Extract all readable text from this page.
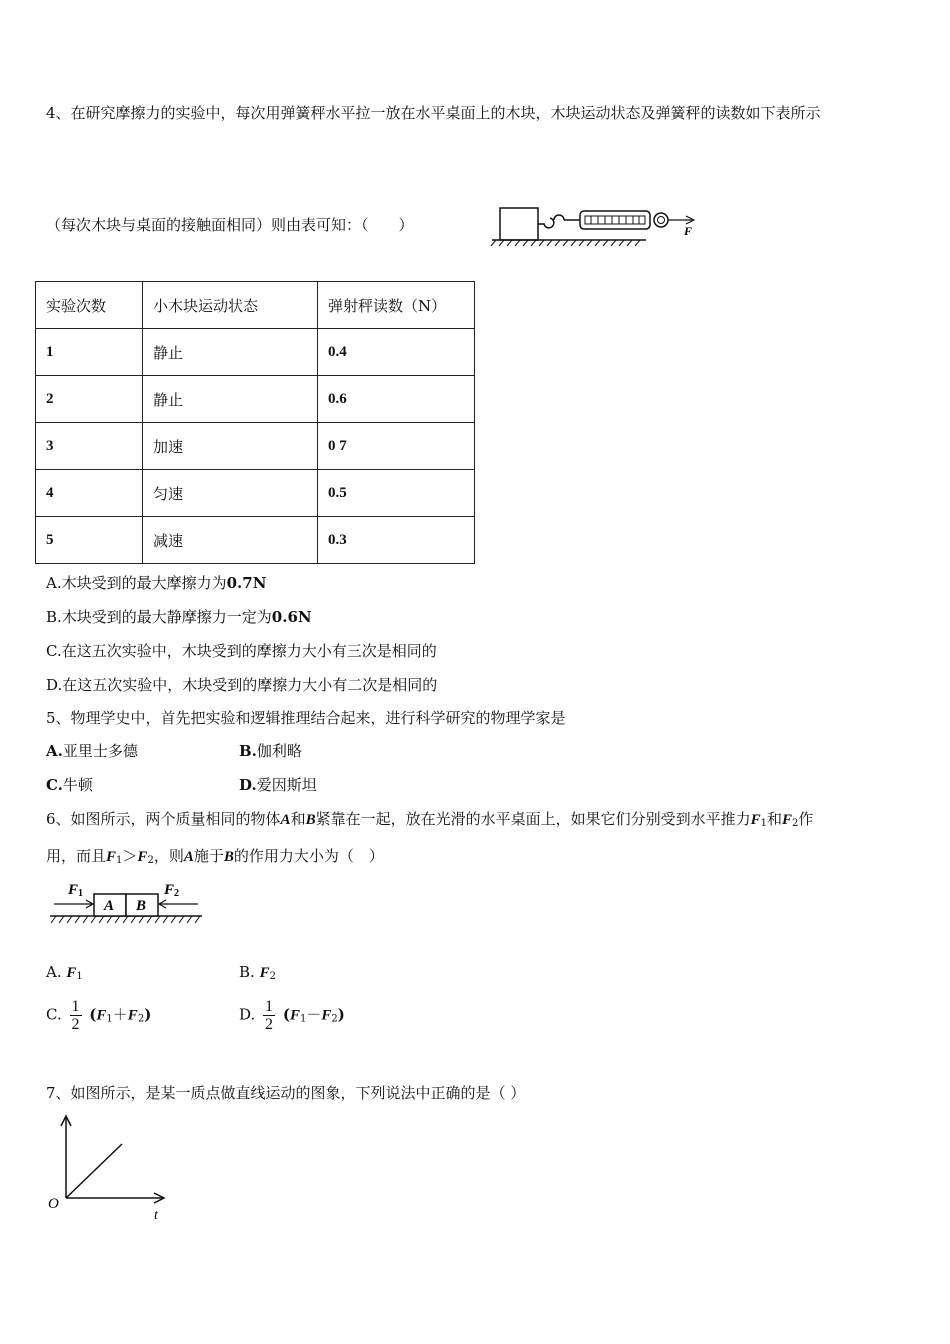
4、在研究摩擦力的实验中，每次用弹簧秤水平拉一放在水平桌面上的木块，木块运动状态及弹簧秤的读数如下表所示
（每次木块与桌面的接触面相同）则由表可知：（　　）	F
实验次数	小木块运动状态	弹射秤读数（N）
1	静止	0.4
2	静止	0.6
3	加速	0 7
4	匀速	0.5
5	减速	0.3
A.木块受到的最大摩擦力为0.7N
B.木块受到的最大静摩擦力一定为0.6N
C.在这五次实验中，木块受到的摩擦力大小有三次是相同的
D.在这五次实验中，木块受到的摩擦力大小有二次是相同的
5、物理学史中，首先把实验和逻辑推理结合起来，进行科学研究的物理学家是
A.亚里士多德	B.伽利略
C.牛顿	D.爱因斯坦
6、如图所示，两个质量相同的物体A和B紧靠在一起，放在光滑的水平桌面上，如果它们分别受到水平推力$F_1$和$F_2$作
用，而且$F_1>F_2$，则A施于B的作用力大小为（　）
A B
F1	F2
A. $F_1$	B. $F_2$
C. $\frac{1}{2} (F_1+F_2)$	D. $\frac{1}{2} (F_1-F_2)$
7、如图所示，是某一质点做直线运动的图象，下列说法中正确的是（ ）
O
t
